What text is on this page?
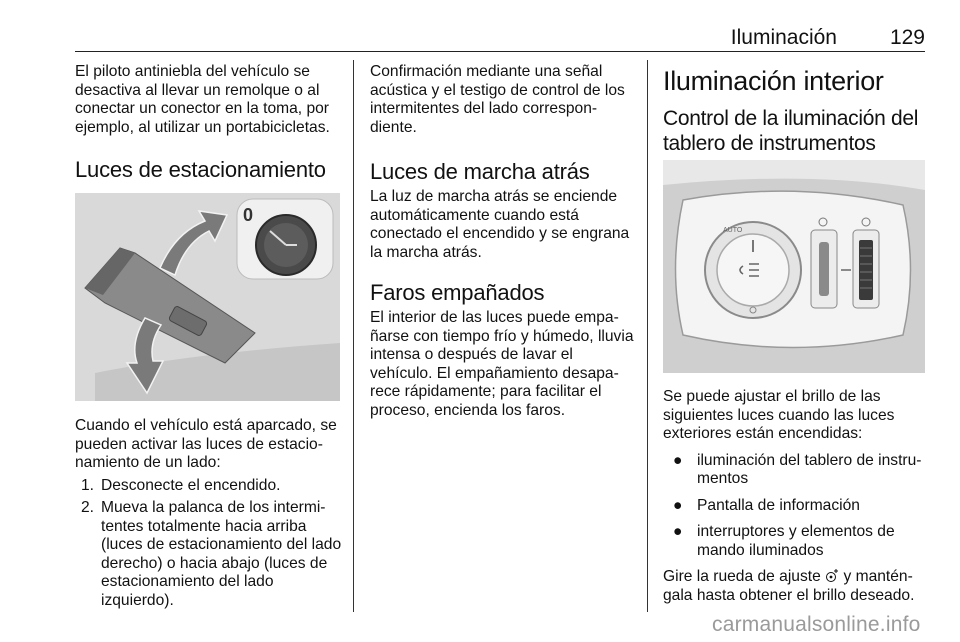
Iluminación	129

El piloto antiniebla del vehículo se desactiva al llevar un remolque o al conectar un conector en la toma, por ejemplo, al utilizar un portabicicletas.

Luces de estacionamiento
0

Cuando el vehículo está aparcado, se pueden activar las luces de estacio-namiento de un lado:

1. Desconecte el encendido.
2. Mueva la palanca de los intermi-tentes totalmente hacia arriba (luces de estacionamiento del lado derecho) o hacia abajo (luces de estacionamiento del lado izquierdo).

Confirmación mediante una señal acústica y el testigo de control de los intermitentes del lado correspon-diente.

Luces de marcha atrás

La luz de marcha atrás se enciende automáticamente cuando está conectado el encendido y se engrana la marcha atrás.

Faros empañados

El interior de las luces puede empa-ñarse con tiempo frío y húmedo, lluvia intensa o después de lavar el vehículo. El empañamiento desapa-rece rápidamente; para facilitar el proceso, encienda los faros.

Iluminación interior
Control de la iluminación del tablero de instrumentos
AUTO

Se puede ajustar el brillo de las siguientes luces cuando las luces exteriores están encendidas:

● iluminación del tablero de instru-mentos
● Pantalla de información
● interruptores y elementos de mando iluminados

Gire la rueda de ajuste y mantén-gala hasta obtener el brillo deseado.

carmanualsonline.info
